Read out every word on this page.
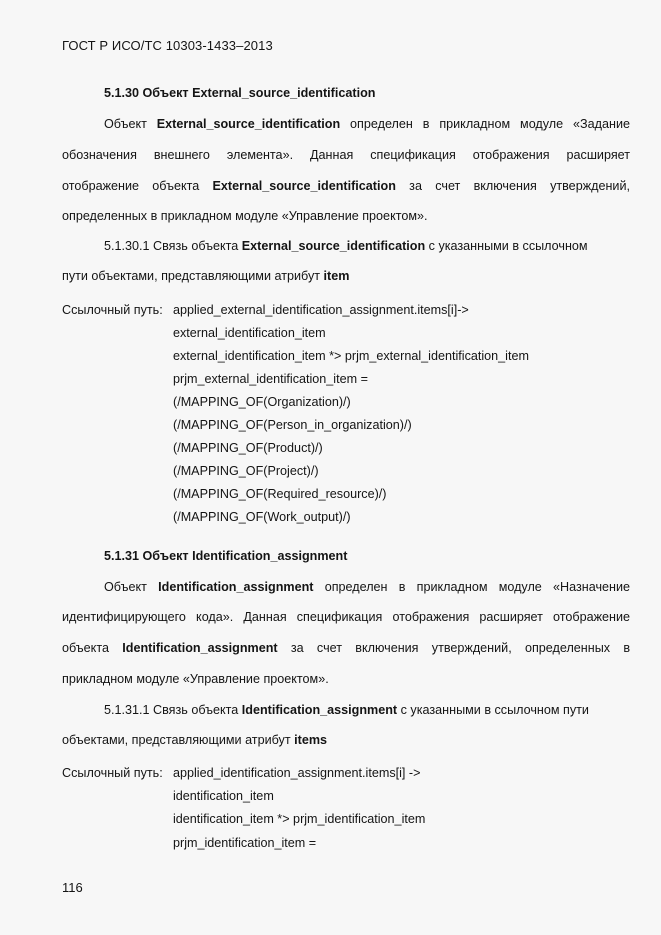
ГОСТ Р ИСО/ТС 10303-1433–2013
5.1.30 Объект External_source_identification
Объект External_source_identification определен в прикладном модуле «Задание
обозначения внешнего элемента». Данная спецификация отображения расширяет
отображение объекта External_source_identification за счет включения утверждений,
определенных в прикладном модуле «Управление проектом».
5.1.30.1 Связь объекта External_source_identification с указанными в ссылочном
пути объектами, представляющими атрибут item
Ссылочный путь: applied_external_identification_assignment.items[i]->
external_identification_item
external_identification_item *> prjm_external_identification_item
prjm_external_identification_item =
(/MAPPING_OF(Organization)/)
(/MAPPING_OF(Person_in_organization)/)
(/MAPPING_OF(Product)/)
(/MAPPING_OF(Project)/)
(/MAPPING_OF(Required_resource)/)
(/MAPPING_OF(Work_output)/)
5.1.31 Объект Identification_assignment
Объект Identification_assignment определен в прикладном модуле «Назначение
идентифицирующего кода». Данная спецификация отображения расширяет отображение
объекта Identification_assignment за счет включения утверждений, определенных в
прикладном модуле «Управление проектом».
5.1.31.1 Связь объекта Identification_assignment с указанными в ссылочном пути
объектами, представляющими атрибут items
Ссылочный путь: applied_identification_assignment.items[i] ->
identification_item
identification_item *> prjm_identification_item
prjm_identification_item =
116
